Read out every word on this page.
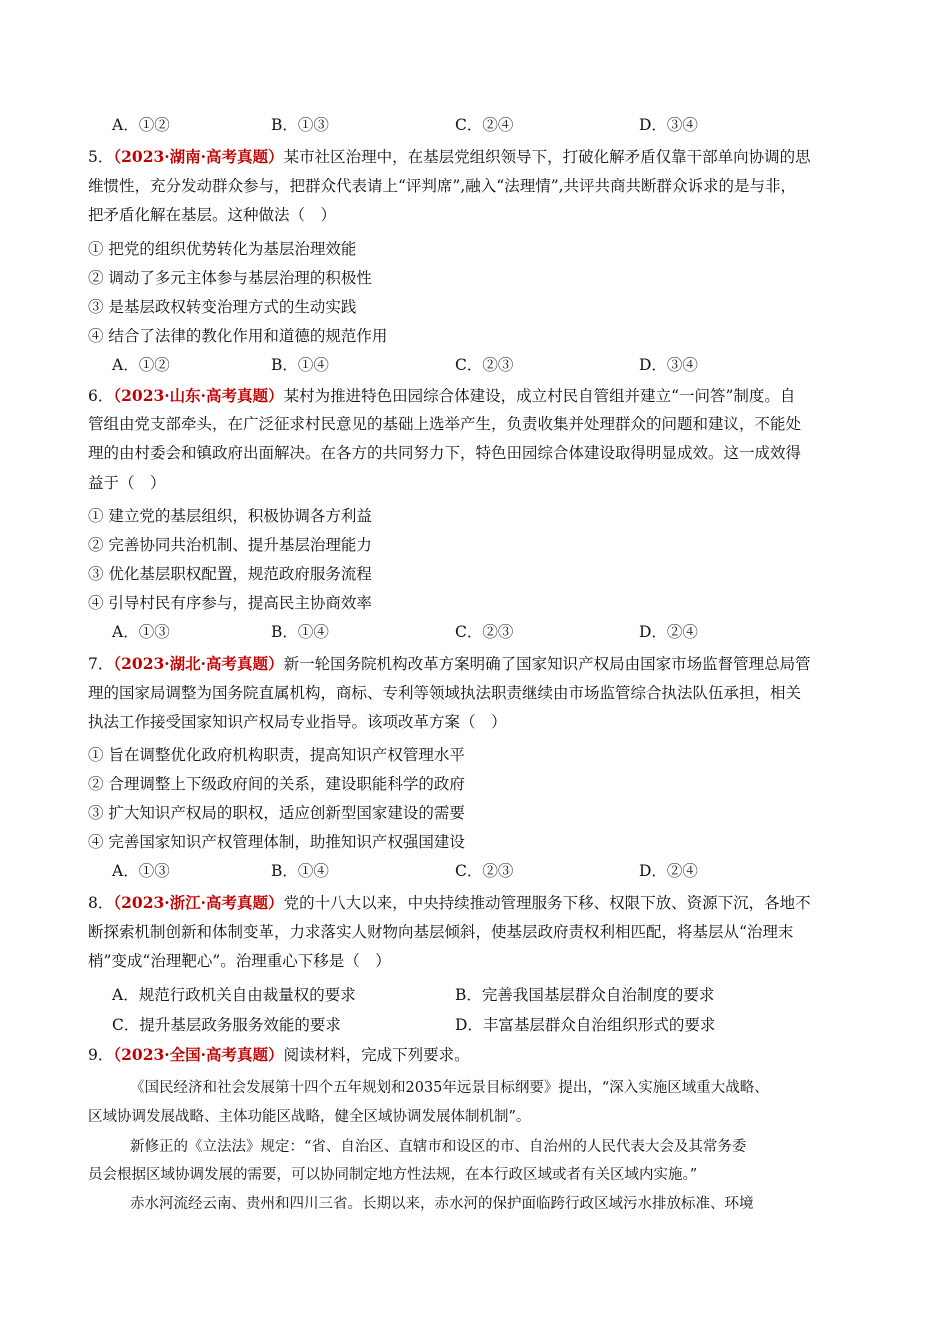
A．①②	B．①③	C．②④	D．③④
5．（2023·湖南·高考真题）某市社区治理中，在基层党组织领导下，打破化解矛盾仅靠干部单向协调的思
维惯性，充分发动群众参与，把群众代表请上“评判席”,融入“法理情”,共评共商共断群众诉求的是与非，
把矛盾化解在基层。这种做法（　）
① 把党的组织优势转化为基层治理效能
② 调动了多元主体参与基层治理的积极性
③ 是基层政权转变治理方式的生动实践
④ 结合了法律的教化作用和道德的规范作用
A．①②	B．①④	C．②③	D．③④
6．（2023·山东·高考真题）某村为推进特色田园综合体建设，成立村民自管组并建立“一问答”制度。自
管组由党支部牵头，在广泛征求村民意见的基础上选举产生，负责收集并处理群众的问题和建议，不能处
理的由村委会和镇政府出面解决。在各方的共同努力下，特色田园综合体建设取得明显成效。这一成效得
益于（　）
① 建立党的基层组织，积极协调各方利益
② 完善协同共治机制、提升基层治理能力
③ 优化基层职权配置，规范政府服务流程
④ 引导村民有序参与，提高民主协商效率
A．①③	B．①④	C．②③	D．②④
7．（2023·湖北·高考真题）新一轮国务院机构改革方案明确了国家知识产权局由国家市场监督管理总局管
理的国家局调整为国务院直属机构，商标、专利等领域执法职责继续由市场监管综合执法队伍承担，相关
执法工作接受国家知识产权局专业指导。该项改革方案（　）
① 旨在调整优化政府机构职责，提高知识产权管理水平
② 合理调整上下级政府间的关系，建设职能科学的政府
③ 扩大知识产权局的职权，适应创新型国家建设的需要
④ 完善国家知识产权管理体制，助推知识产权强国建设
A．①③	B．①④	C．②③	D．②④
8．（2023·浙江·高考真题）党的十八大以来，中央持续推动管理服务下移、权限下放、资源下沉，各地不
断探索机制创新和体制变革，力求落实人财物向基层倾斜，使基层政府责权利相匹配，将基层从“治理末
梢”变成“治理靶心”。治理重心下移是（　）
A．规范行政机关自由裁量权的要求	B．完善我国基层群众自治制度的要求
C．提升基层政务服务效能的要求	D．丰富基层群众自治组织形式的要求
9．（2023·全国·高考真题）阅读材料，完成下列要求。
《国民经济和社会发展第十四个五年规划和2035年远景目标纲要》提出，“深入实施区域重大战略、
区域协调发展战略、主体功能区战略，健全区域协调发展体制机制”。
新修正的《立法法》规定：“省、自治区、直辖市和设区的市、自治州的人民代表大会及其常务委
员会根据区域协调发展的需要，可以协同制定地方性法规，在本行政区域或者有关区域内实施。”
赤水河流经云南、贵州和四川三省。长期以来，赤水河的保护面临跨行政区域污水排放标准、环境
